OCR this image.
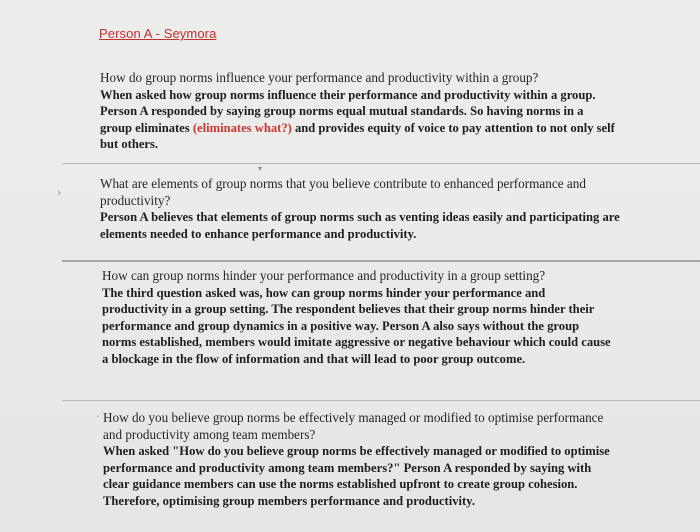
Person A - Seymora

How do group norms influence your performance and productivity within a group?

When asked how group norms influence their performance and productivity within a group. Person A responded by saying group norms equal mutual standards. So having norms in a group eliminates (eliminates what?) and provides equity of voice to pay attention to not only self but others.

▾
›

What are elements of group norms that you believe contribute to enhanced performance and productivity?

Person A believes that elements of group norms such as venting ideas easily and participating are elements needed to enhance performance and productivity.

How can group norms hinder your performance and productivity in a group setting?

The third question asked was, how can group norms hinder your performance and productivity in a group setting. The respondent believes that their group norms hinder their performance and group dynamics in a positive way. Person A also says without the group norms established, members would imitate aggressive or negative behaviour which could cause a blockage in the flow of information and that will lead to poor group outcome.

· How do you believe group norms be effectively managed or modified to optimise performance and productivity among team members?

When asked "How do you believe group norms be effectively managed or modified to optimise performance and productivity among team members?" Person A responded by saying with clear guidance members can use the norms established upfront to create group cohesion. Therefore, optimising group members performance and productivity.
